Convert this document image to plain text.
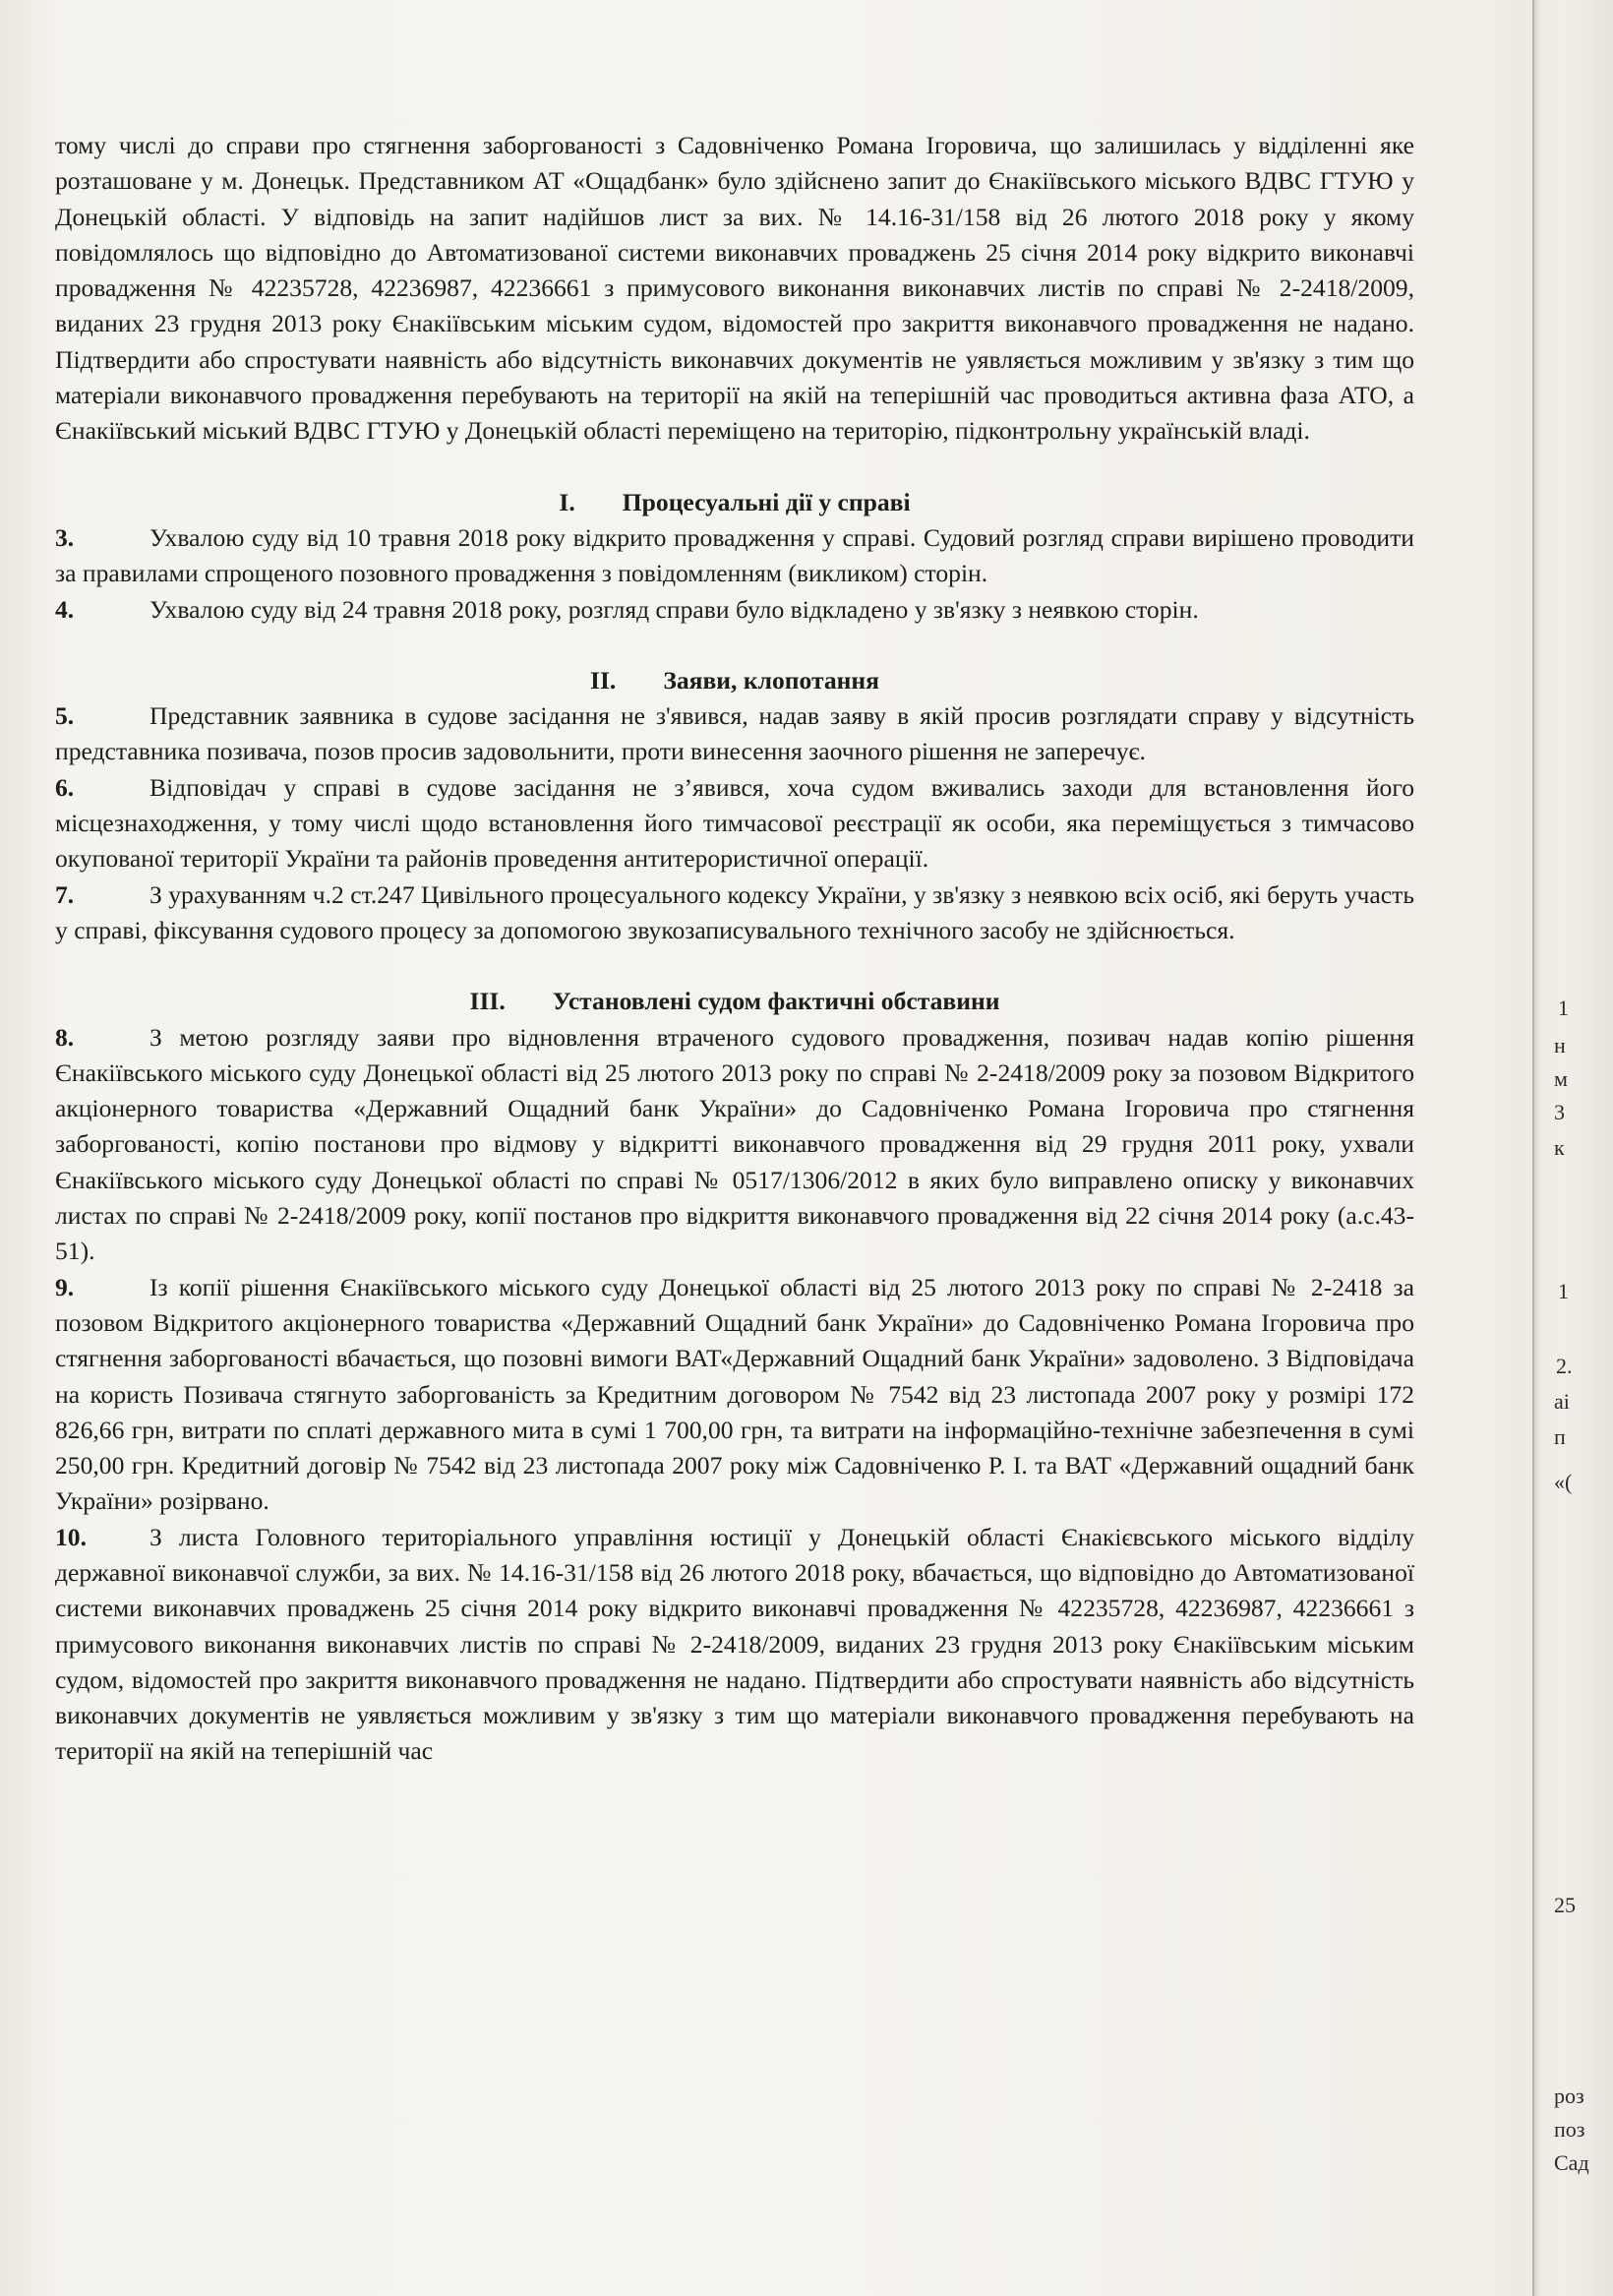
1
н
м
3
к
1
2.
ai
п
«(
25
роз
поз
Сад

тому числі до справи про стягнення заборгованості з Садовніченко Романа Ігоровича, що залишилась у відділенні яке розташоване у м. Донецьк. Представником АТ «Ощадбанк» було здійснено запит до Єнакіївського міського ВДВС ГТУЮ у Донецькій області. У відповідь на запит надійшов лист за вих. № 14.16-31/158 від 26 лютого 2018 року у якому повідомлялось що відповідно до Автоматизованої системи виконавчих проваджень 25 січня 2014 року відкрито виконавчі провадження № 42235728, 42236987, 42236661 з примусового виконання виконавчих листів по справі № 2-2418/2009, виданих 23 грудня 2013 року Єнакіївським міським судом, відомостей про закриття виконавчого провадження не надано. Підтвердити або спростувати наявність або відсутність виконавчих документів не уявляється можливим у зв'язку з тим що матеріали виконавчого провадження перебувають на території на якій на теперішній час проводиться активна фаза АТО, а Єнакіївський міський ВДВС ГТУЮ у Донецькій області переміщено на територію, підконтрольну українській владі.

I. Процесуальні дії у справі

3.	Ухвалою суду від 10 травня 2018 року відкрито провадження у справі. Судовий розгляд справи вирішено проводити за правилами спрощеного позовного провадження з повідомленням (викликом) сторін.

4.	Ухвалою суду від 24 травня 2018 року, розгляд справи було відкладено у зв'язку з неявкою сторін.

II. Заяви, клопотання

5.	Представник заявника в судове засідання не з'явився, надав заяву в якій просив розглядати справу у відсутність представника позивача, позов просив задовольнити, проти винесення заочного рішення не заперечує.

6.	Відповідач у справі в судове засідання не з’явився, хоча судом вживались заходи для встановлення його місцезнаходження, у тому числі щодо встановлення його тимчасової реєстрації як особи, яка переміщується з тимчасово окупованої території України та районів проведення антитерористичної операції.

7.	З урахуванням ч.2 ст.247 Цивільного процесуального кодексу України, у зв'язку з неявкою всіх осіб, які беруть участь у справі, фіксування судового процесу за допомогою звукозаписувального технічного засобу не здійснюється.

III. Установлені судом фактичні обставини

8.	З метою розгляду заяви про відновлення втраченого судового провадження, позивач надав копію рішення Єнакіївського міського суду Донецької області від 25 лютого 2013 року по справі № 2-2418/2009 року за позовом Відкритого акціонерного товариства «Державний Ощадний банк України» до Садовніченко Романа Ігоровича про стягнення заборгованості, копію постанови про відмову у відкритті виконавчого провадження від 29 грудня 2011 року, ухвали Єнакіївського міського суду Донецької області по справі № 0517/1306/2012 в яких було виправлено описку у виконавчих листах по справі № 2-2418/2009 року, копії постанов про відкриття виконавчого провадження від 22 січня 2014 року (а.с.43-51).

9.	Із копії рішення Єнакіївського міського суду Донецької області від 25 лютого 2013 року по справі № 2-2418 за позовом Відкритого акціонерного товариства «Державний Ощадний банк України» до Садовніченко Романа Ігоровича про стягнення заборгованості вбачається, що позовні вимоги ВАТ«Державний Ощадний банк України» задоволено. З Відповідача на користь Позивача стягнуто заборгованість за Кредитним договором № 7542 від 23 листопада 2007 року у розмірі 172 826,66 грн, витрати по сплаті державного мита в сумі 1 700,00 грн, та витрати на інформаційно-технічне забезпечення в сумі 250,00 грн. Кредитний договір № 7542 від 23 листопада 2007 року між Садовніченко Р. І. та ВАТ «Державний ощадний банк України» розірвано.

10.	З листа Головного територіального управління юстиції у Донецькій області Єнакієвського міського відділу державної виконавчої служби, за вих. № 14.16-31/158 від 26 лютого 2018 року, вбачається, що відповідно до Автоматизованої системи виконавчих проваджень 25 січня 2014 року відкрито виконавчі провадження № 42235728, 42236987, 42236661 з примусового виконання виконавчих листів по справі № 2-2418/2009, виданих 23 грудня 2013 року Єнакіївським міським судом, відомостей про закриття виконавчого провадження не надано. Підтвердити або спростувати наявність або відсутність виконавчих документів не уявляється можливим у зв'язку з тим що матеріали виконавчого провадження перебувають на території на якій на теперішній час
